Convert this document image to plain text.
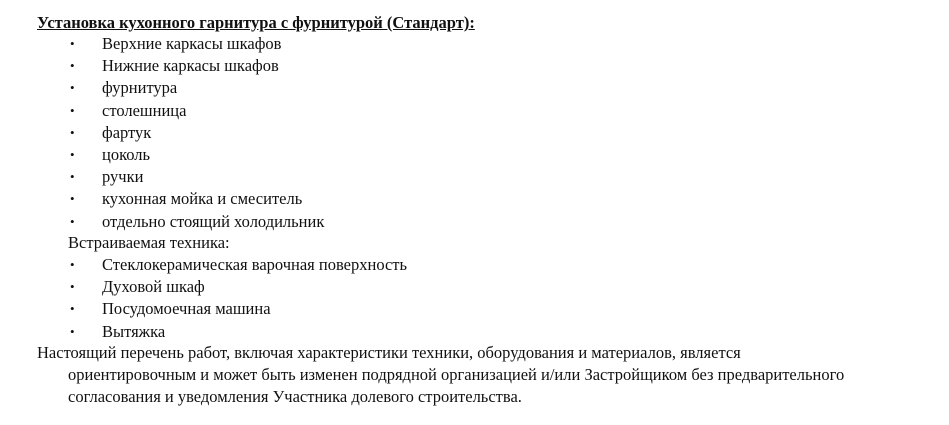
Установка кухонного гарнитура с фурнитурой (Стандарт):
• Верхние каркасы шкафов
• Нижние каркасы шкафов
• фурнитура
• столешница
• фартук
• цоколь
• ручки
• кухонная мойка и смеситель
• отдельно стоящий холодильник
Встраиваемая техника:
• Стеклокерамическая варочная поверхность
• Духовой шкаф
• Посудомоечная машина
• Вытяжка
Настоящий перечень работ, включая характеристики техники, оборудования и материалов, является
ориентировочным и может быть изменен подрядной организацией и/или Застройщиком без предварительного
согласования и уведомления Участника долевого строительства.
